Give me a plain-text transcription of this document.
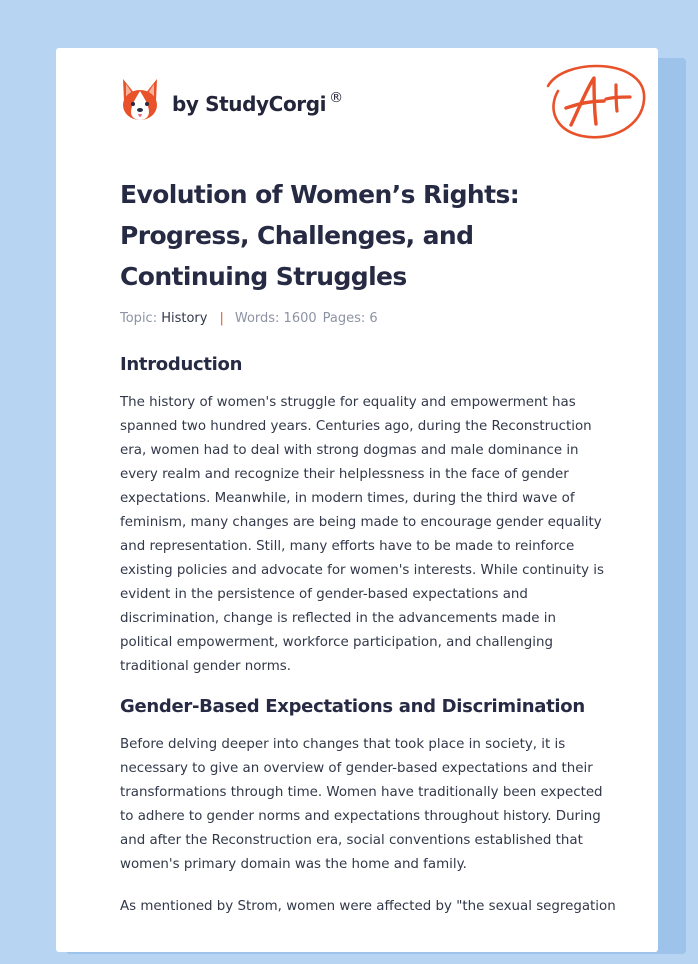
by StudyCorgi ®
A+
Evolution of Women’s Rights: Progress, Challenges, and Continuing Struggles
Topic: History | Words: 1600 Pages: 6
Introduction
The history of women's struggle for equality and empowerment has
spanned two hundred years. Centuries ago, during the Reconstruction
era, women had to deal with strong dogmas and male dominance in
every realm and recognize their helplessness in the face of gender
expectations. Meanwhile, in modern times, during the third wave of
feminism, many changes are being made to encourage gender equality
and representation. Still, many efforts have to be made to reinforce
existing policies and advocate for women's interests. While continuity is
evident in the persistence of gender-based expectations and
discrimination, change is reflected in the advancements made in
political empowerment, workforce participation, and challenging
traditional gender norms.
Gender-Based Expectations and Discrimination
Before delving deeper into changes that took place in society, it is
necessary to give an overview of gender-based expectations and their
transformations through time. Women have traditionally been expected
to adhere to gender norms and expectations throughout history. During
and after the Reconstruction era, social conventions established that
women's primary domain was the home and family.
As mentioned by Strom, women were affected by "the sexual segregation
